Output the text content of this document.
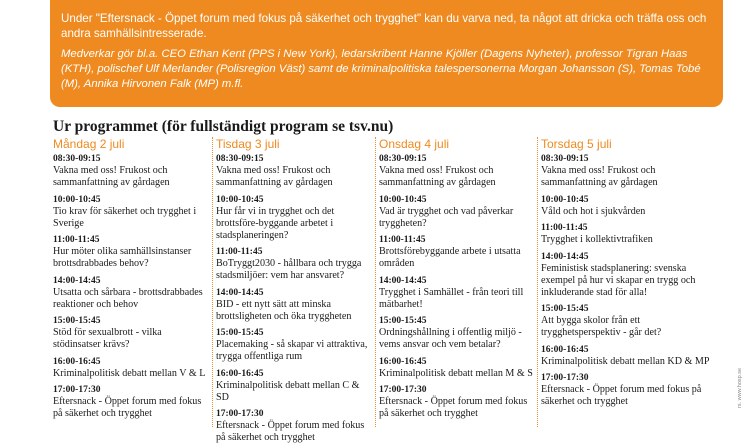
Under "Eftersnack - Öppet forum med fokus på säkerhet och trygghet" kan du varva ned, ta något att dricka och träffa oss och andra samhällsintresserade.

Medverkar gör bl.a. CEO Ethan Kent (PPS i New York), ledarskribent Hanne Kjöller (Dagens Nyheter), professor Tigran Haas (KTH), polischef Ulf Merlander (Polisregion Väst) samt de kriminalpolitiska talespersonerna Morgan Johansson (S), Tomas Tobé (M), Annika Hirvonen Falk (MP) m.fl.

Ur programmet (för fullständigt program se tsv.nu)
Måndag 2 juli
08:30-09:15
Vakna med oss! Frukost och sammanfattning av gårdagen
10:00-10:45
Tio krav för säkerhet och trygghet i Sverige
11:00-11:45
Hur möter olika samhällsinstanser brottsdrabbades behov?
14:00-14:45
Utsatta och sårbara - brottsdrabbades reaktioner och behov
15:00-15:45
Stöd för sexualbrott - vilka stödinsatser krävs?
16:00-16:45
Kriminalpolitisk debatt mellan V & L
17:00-17:30
Eftersnack - Öppet forum med fokus på säkerhet och trygghet
Tisdag 3 juli
08:30-09:15
Vakna med oss! Frukost och sammanfattning av gårdagen
10:00-10:45
Hur får vi in trygghet och det brottsföre-byggande arbetet i stadsplaneringen?
11:00-11:45
BoTryggt2030 - hållbara och trygga stadsmiljöer: vem har ansvaret?
14:00-14:45
BID - ett nytt sätt att minska brottsligheten och öka tryggheten
15:00-15:45
Placemaking - så skapar vi attraktiva, trygga offentliga rum
16:00-16:45
Kriminalpolitisk debatt mellan C & SD
17:00-17:30
Eftersnack - Öppet forum med fokus på säkerhet och trygghet
Onsdag 4 juli
08:30-09:15
Vakna med oss! Frukost och sammanfattning av gårdagen
10:00-10:45
Vad är trygghet och vad påverkar tryggheten?
11:00-11:45
Brottsförebyggande arbete i utsatta områden
14:00-14:45
Trygghet i Samhället - från teori till mätbarhet!
15:00-15:45
Ordningshållning i offentlig miljö - vems ansvar och vem betalar?
16:00-16:45
Kriminalpolitisk debatt mellan M & S
17:00-17:30
Eftersnack - Öppet forum med fokus på säkerhet och trygghet
Torsdag 5 juli
08:30-09:15
Vakna med oss! Frukost och sammanfattning av gårdagen
10:00-10:45
Våld och hot i sjukvården
11:00-11:45
Trygghet i kollektivtrafiken
14:00-14:45
Feministisk stadsplanering: svenska exempel på hur vi skapar en trygg och inkluderande stad för alla!
15:00-15:45
Att bygga skolor från ett trygghetsperspektiv - går det?
16:00-16:45
Kriminalpolitisk debatt mellan KD & MP
17:00-17:30
Eftersnack - Öppet forum med fokus på säkerhet och trygghet	rs. www.hosp.se
